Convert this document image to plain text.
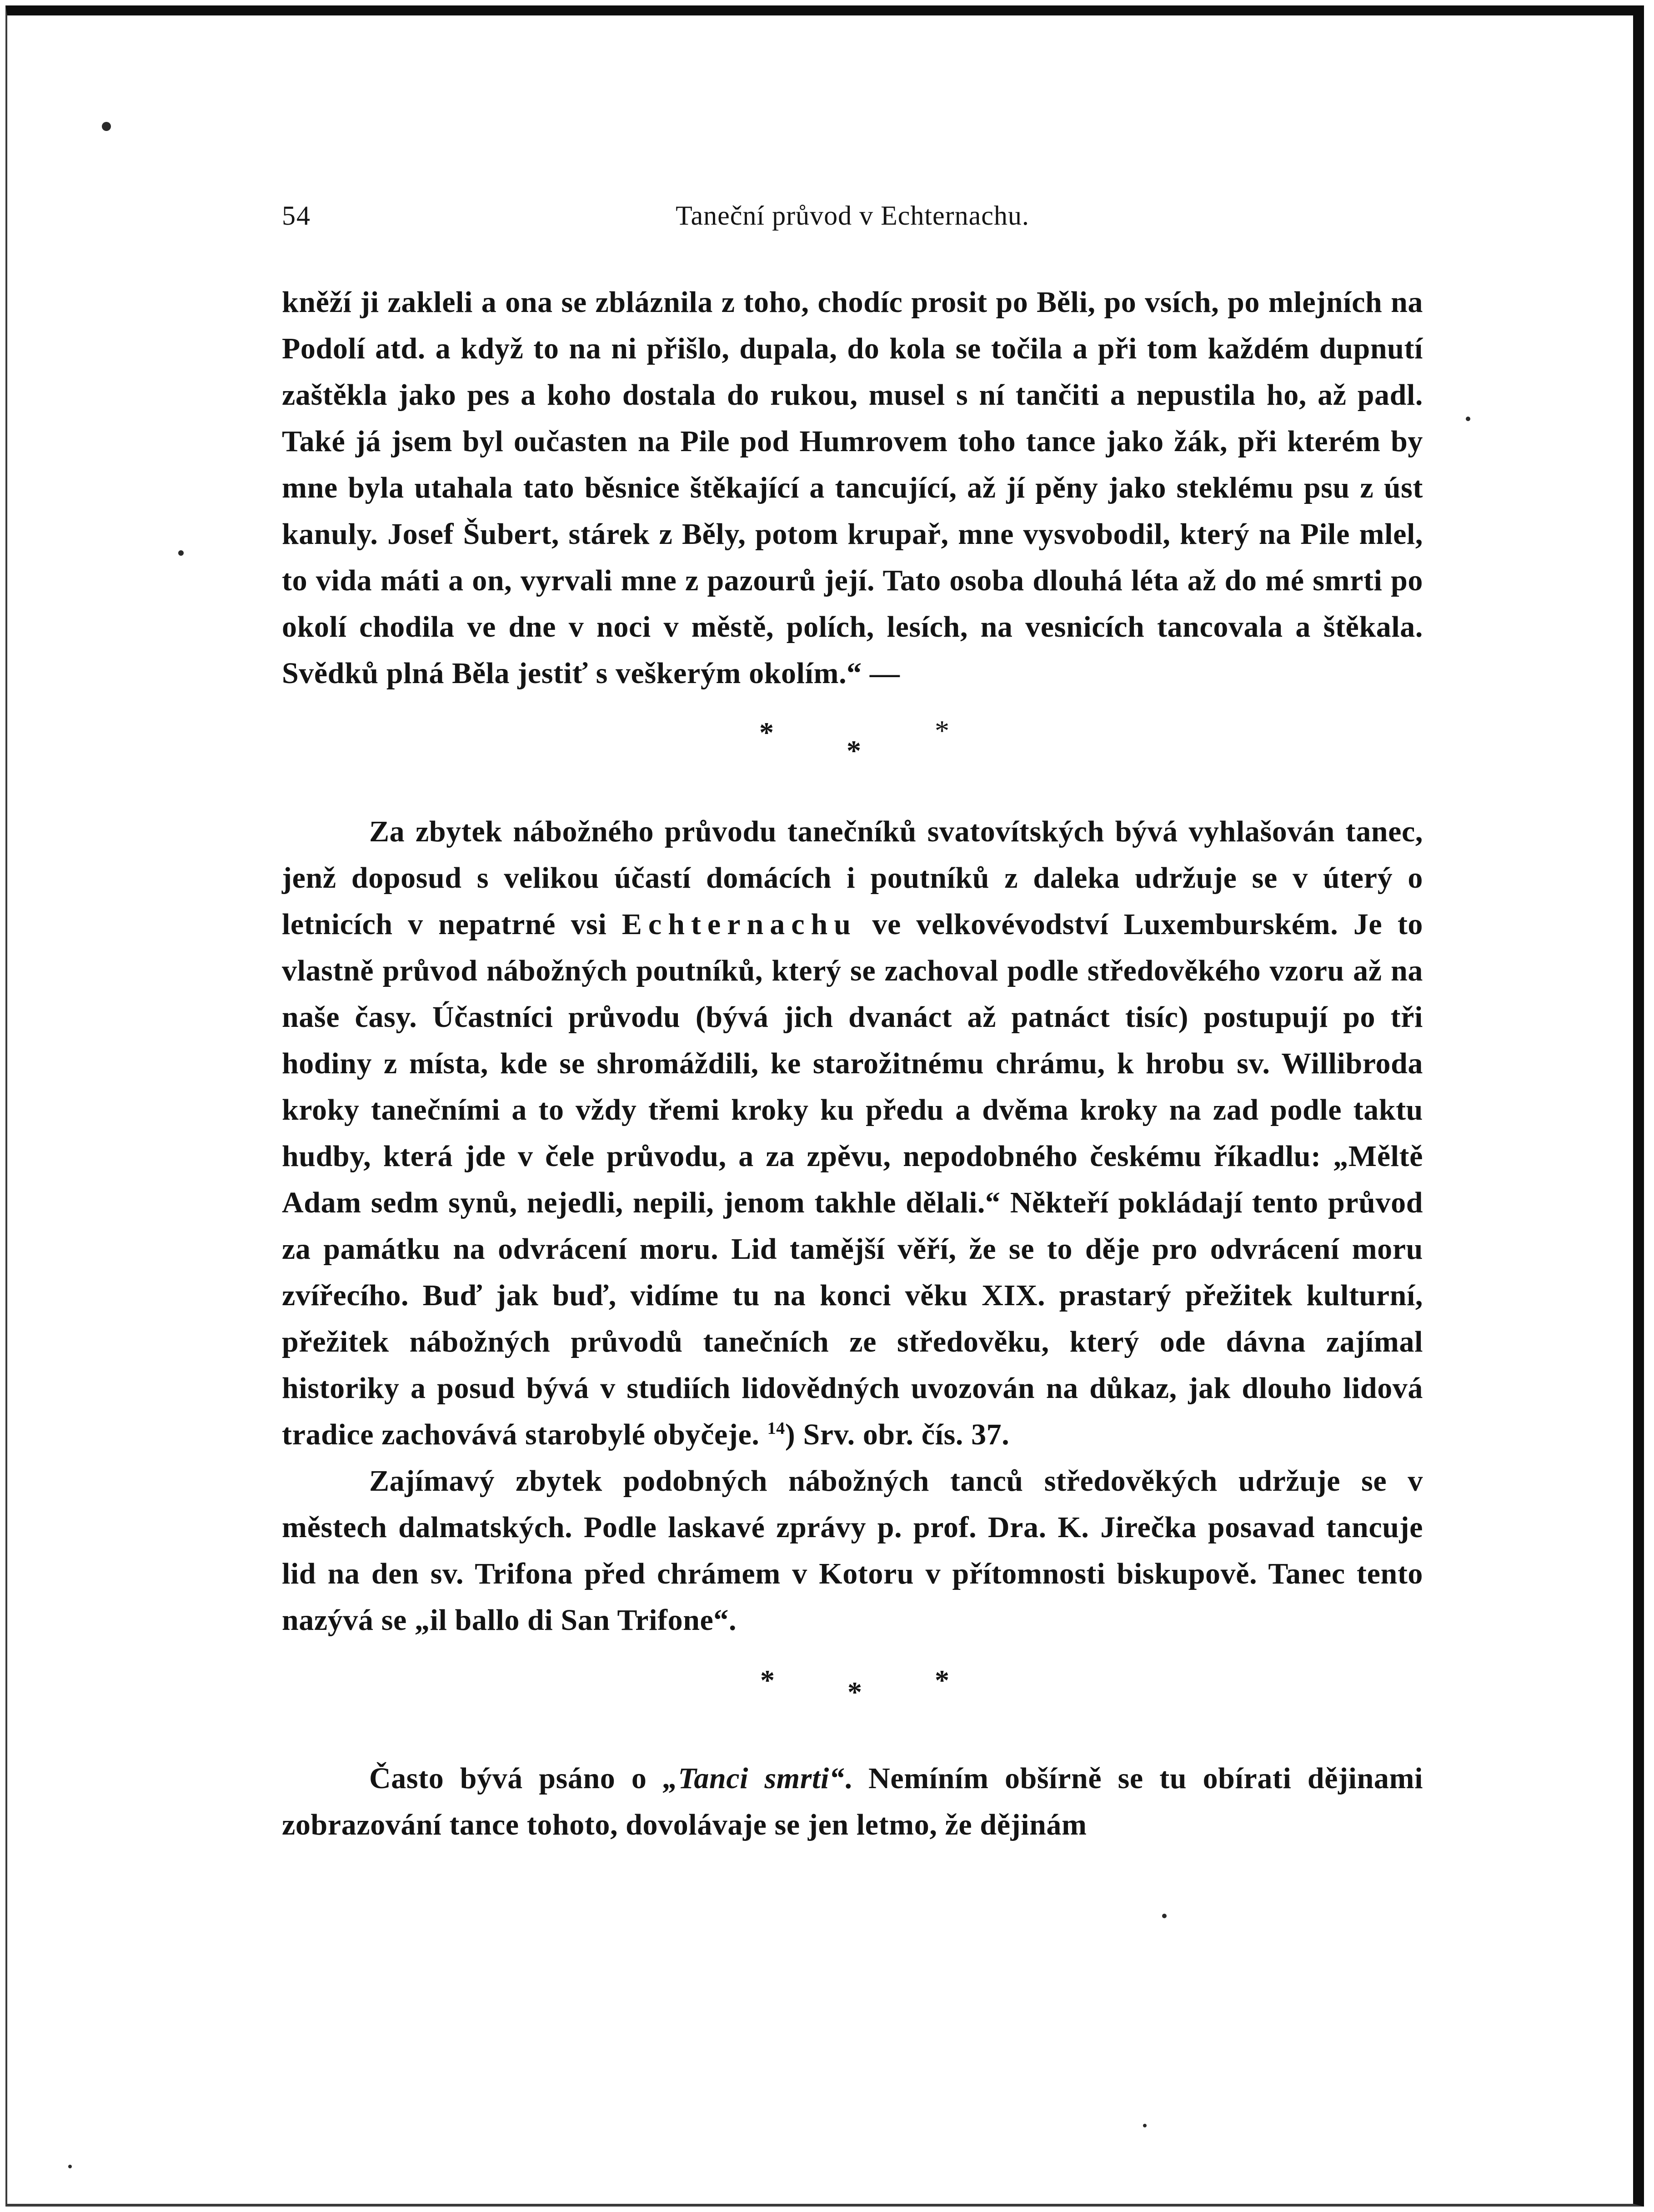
54	Taneční průvod v Echternachu.

kněží ji zakleli a ona se zbláznila z toho, chodíc prosit po Běli, po vsích, po mlejních na Podolí atd. a když to na ni přišlo, dupala, do kola se točila a při tom každém dupnutí zaštěkla jako pes a koho dostala do rukou, musel s ní tančiti a nepustila ho, až padl. Také já jsem byl oučasten na Pile pod Humrovem toho tance jako žák, při kterém by mne byla utahala tato běsnice štěkající a tancující, až jí pěny jako steklému psu z úst kanuly. Josef Šubert, stárek z Běly, potom krupař, mne vysvobodil, který na Pile mlel, to vida máti a on, vyrvali mne z pazourů její. Tato osoba dlouhá léta až do mé smrti po okolí chodila ve dne v noci v městě, polích, lesích, na vesnicích tancovala a štěkala. Svědků plná Běla jestiť s veškerým okolím.“ —

*
*
*

Za zbytek nábožného průvodu tanečníků svatovítských bývá vyhlašován tanec, jenž doposud s velikou účastí domácích i poutníků z daleka udržuje se v úterý o letnicích v nepatrné vsi Echternachu ve velkovévodství Luxemburském. Je to vlastně průvod nábožných poutníků, který se zachoval podle středověkého vzoru až na naše časy. Účastníci průvodu (bývá jich dvanáct až patnáct tisíc) postupují po tři hodiny z místa, kde se shromáždili, ke starožitnému chrámu, k hrobu sv. Willibroda kroky tanečními a to vždy třemi kroky ku předu a dvěma kroky na zad podle taktu hudby, která jde v čele průvodu, a za zpěvu, nepodobného českému říkadlu: „Měltě Adam sedm synů, nejedli, nepili, jenom takhle dělali.“ Někteří pokládají tento průvod za památku na odvrácení moru. Lid tamější věří, že se to děje pro odvrácení moru zvířecího. Buď jak buď, vidíme tu na konci věku XIX. prastarý přežitek kulturní, přežitek nábožných průvodů tanečních ze středověku, který ode dávna zajímal historiky a posud bývá v studiích lidovědných uvozován na důkaz, jak dlouho lidová tradice zachovává starobylé obyčeje. $^{14}$) Srv. obr. čís. 37.

Zajímavý zbytek podobných nábožných tanců středověkých udržuje se v městech dalmatských. Podle laskavé zprávy p. prof. Dra. K. Jirečka posavad tancuje lid na den sv. Trifona před chrámem v Kotoru v přítomnosti biskupově. Tanec tento nazývá se „il ballo di San Trifone“.

*	*	*

Často bývá psáno o „Tanci smrti“. Nemíním obšírně se tu obírati dějinami zobrazování tance tohoto, dovolávaje se jen letmo, že dějinám
